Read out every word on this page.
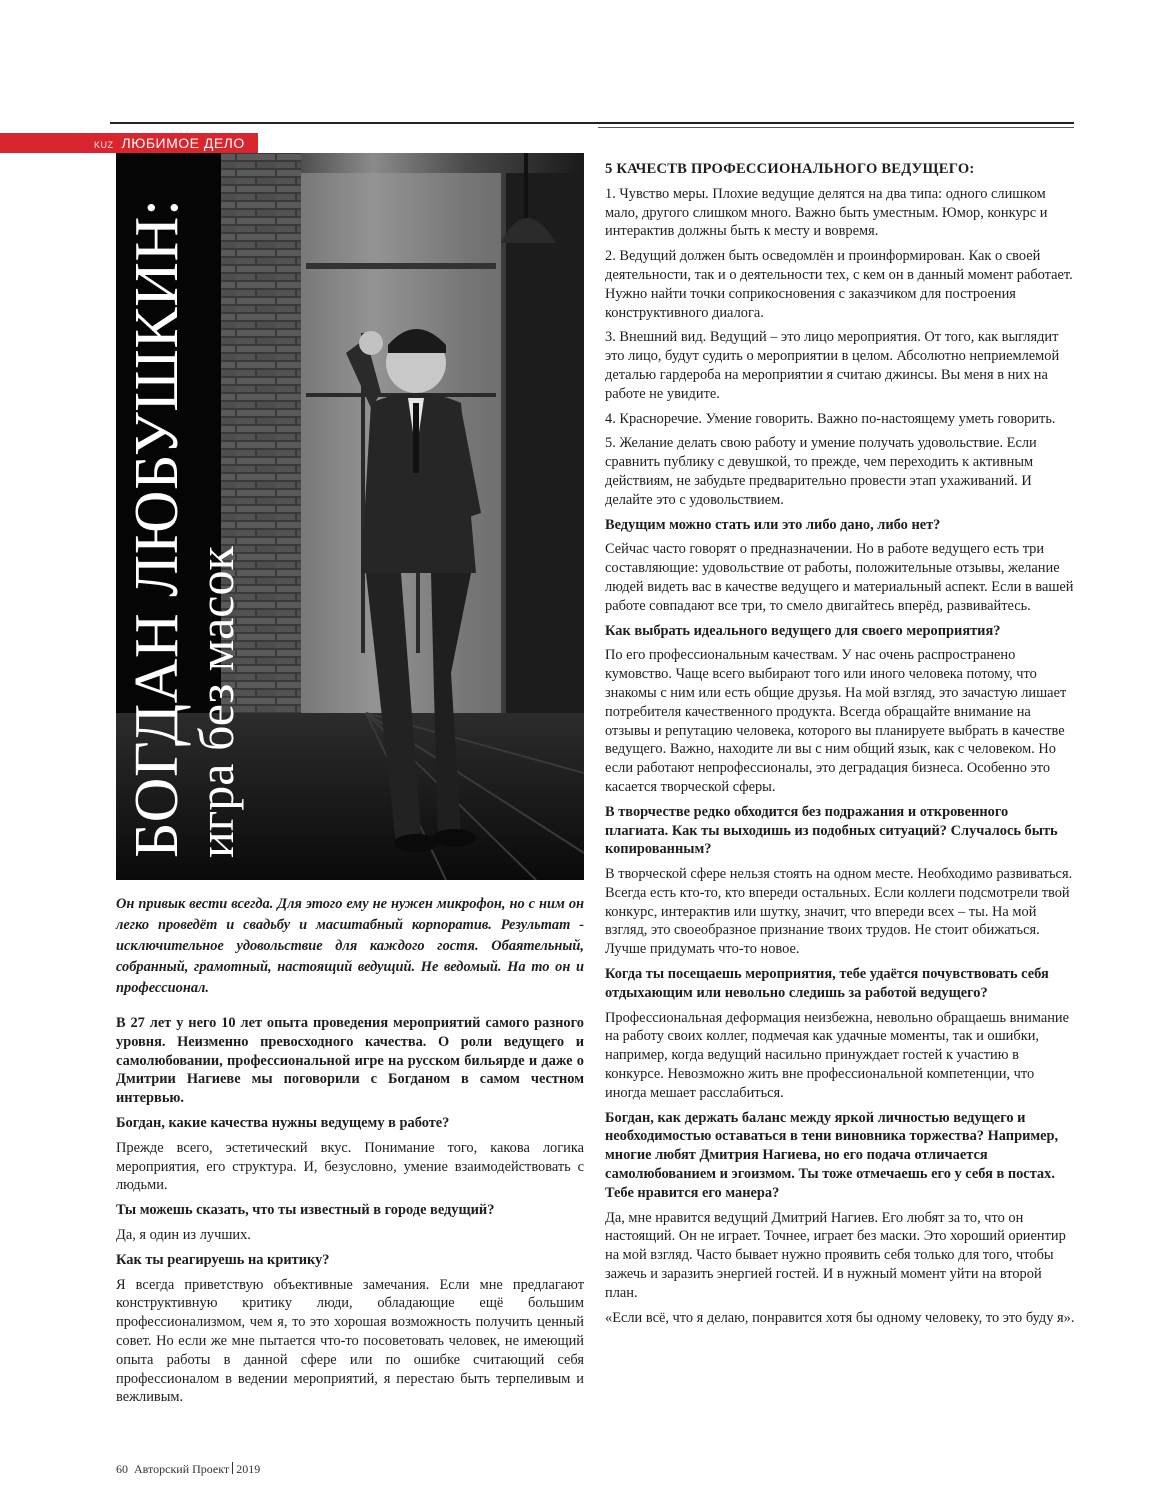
KUZ ЛЮБИМОЕ ДЕЛО
БОГДАН ЛЮБУШКИН:
игра без масок
Он привык вести всегда. Для этого ему не нужен микрофон, но с ним он легко проведёт и свадьбу и масштабный корпоратив. Результат - исключительное удовольствие для каждого гостя. Обаятельный, собранный, грамотный, настоящий ведущий. Не ведомый. На то он и профессионал.

В 27 лет у него 10 лет опыта проведения мероприятий самого разного уровня. Неизменно превосходного качества. О роли ведущего и самолюбовании, профессиональной игре на русском бильярде и даже о Дмитрии Нагиеве мы поговорили с Богданом в самом честном интервью.

Богдан, какие качества нужны ведущему в работе?

Прежде всего, эстетический вкус. Понимание того, какова логика мероприятия, его структура. И, безусловно, умение взаимодействовать с людьми.

Ты можешь сказать, что ты известный в городе ведущий?

Да, я один из лучших.

Как ты реагируешь на критику?

Я всегда приветствую объективные замечания. Если мне предлагают конструктивную критику люди, обладающие ещё большим профессионализмом, чем я, то это хорошая возможность получить ценный совет. Но если же мне пытается что-то посоветовать человек, не имеющий опыта работы в данной сфере или по ошибке считающий себя профессионалом в ведении мероприятий, я перестаю быть терпеливым и вежливым.

5 КАЧЕСТВ ПРОФЕССИОНАЛЬНОГО ВЕДУЩЕГО:

1. Чувство меры. Плохие ведущие делятся на два типа: одного слишком мало, другого слишком много. Важно быть уместным. Юмор, конкурс и интерактив должны быть к месту и вовремя.

2. Ведущий должен быть осведомлён и проинформирован. Как о своей деятельности, так и о деятельности тех, с кем он в данный момент работает. Нужно найти точки соприкосновения с заказчиком для построения конструктивного диалога.

3. Внешний вид. Ведущий – это лицо мероприятия. От того, как выглядит это лицо, будут судить о мероприятии в целом. Абсолютно неприемлемой деталью гардероба на мероприятии я считаю джинсы. Вы меня в них на работе не увидите.

4. Красноречие. Умение говорить. Важно по-настоящему уметь говорить.

5. Желание делать свою работу и умение получать удовольствие. Если сравнить публику с девушкой, то прежде, чем переходить к активным действиям, не забудьте предварительно провести этап ухаживаний. И делайте это с удовольствием.

Ведущим можно стать или это либо дано, либо нет?

Сейчас часто говорят о предназначении. Но в работе ведущего есть три составляющие: удовольствие от работы, положительные отзывы, желание людей видеть вас в качестве ведущего и материальный аспект. Если в вашей работе совпадают все три, то смело двигайтесь вперёд, развивайтесь.

Как выбрать идеального ведущего для своего мероприятия?

По его профессиональным качествам. У нас очень распространено кумовство. Чаще всего выбирают того или иного человека потому, что знакомы с ним или есть общие друзья. На мой взгляд, это зачастую лишает потребителя качественного продукта. Всегда обращайте внимание на отзывы и репутацию человека, которого вы планируете выбрать в качестве ведущего. Важно, находите ли вы с ним общий язык, как с человеком. Но если работают непрофессионалы, это деградация бизнеса. Особенно это касается творческой сферы.

В творчестве редко обходится без подражания и откровенного плагиата. Как ты выходишь из подобных ситуаций? Случалось быть копированным?

В творческой сфере нельзя стоять на одном месте. Необходимо развиваться. Всегда есть кто-то, кто впереди остальных. Если коллеги подсмотрели твой конкурс, интерактив или шутку, значит, что впереди всех – ты. На мой взгляд, это своеобразное признание твоих трудов. Не стоит обижаться. Лучше придумать что-то новое.

Когда ты посещаешь мероприятия, тебе удаётся почувствовать себя отдыхающим или невольно следишь за работой ведущего?

Профессиональная деформация неизбежна, невольно обращаешь внимание на работу своих коллег, подмечая как удачные моменты, так и ошибки, например, когда ведущий насильно принуждает гостей к участию в конкурсе. Невозможно жить вне профессиональной компетенции, что иногда мешает расслабиться.

Богдан, как держать баланс между яркой личностью ведущего и необходимостью оставаться в тени виновника торжества? Например, многие любят Дмитрия Нагиева, но его подача отличается самолюбованием и эгоизмом. Ты тоже отмечаешь его у себя в постах. Тебе нравится его манера?

Да, мне нравится ведущий Дмитрий Нагиев. Его любят за то, что он настоящий. Он не играет. Точнее, играет без маски. Это хороший ориентир на мой взгляд. Часто бывает нужно проявить себя только для того, чтобы зажечь и заразить энергией гостей. И в нужный момент уйти на второй план.

«Если всё, что я делаю, понравится хотя бы одному человеку, то это буду я».

60 Авторский Проект 2019
